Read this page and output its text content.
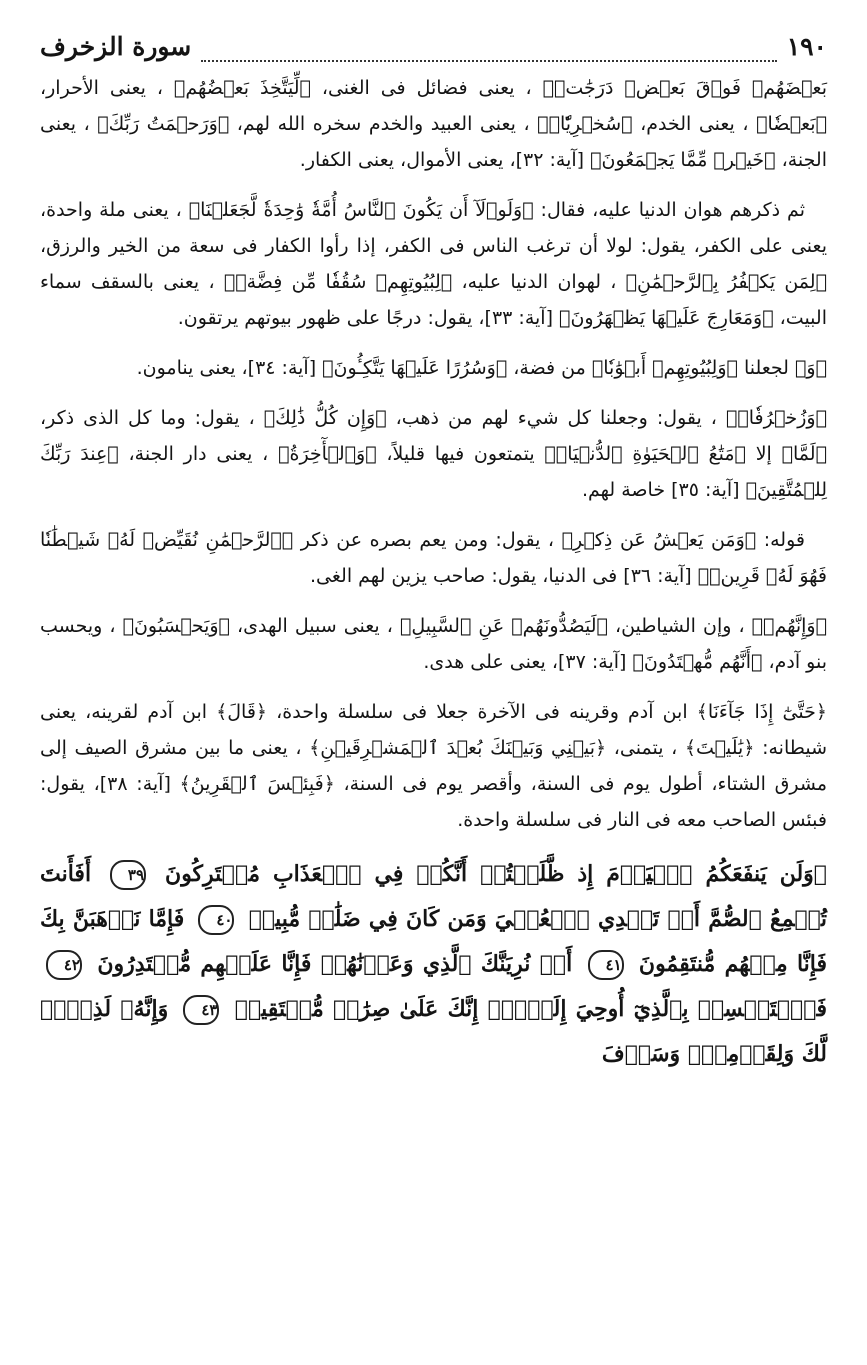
١٩٠
سورة الزخرف

بَعۡضَهُمۡ فَوۡقَ بَعۡضٖ دَرَجَٰتٖ﴾ ، يعنى فضائل فى الغنى، ﴿لِّيَتَّخِذَ بَعۡضُهُم﴾ ، يعنى الأحرار، ﴿بَعۡضٗا﴾ ، يعنى الخدم، ﴿سُخۡرِيّٗاۗ﴾ ، يعنى العبيد والخدم سخره الله لهم، ﴿وَرَحۡمَتُ رَبِّكَ﴾ ، يعنى الجنة، ﴿خَيۡرٞ مِّمَّا يَجۡمَعُونَ﴾ [آية: ٣٢]، يعنى الأموال، يعنى الكفار.

ثم ذكرهم هوان الدنيا عليه، فقال: ﴿وَلَوۡلَآ أَن يَكُونَ ٱلنَّاسُ أُمَّةٗ وَٰحِدَةٗ لَّجَعَلۡنَا﴾ ، يعنى ملة واحدة، يعنى على الكفر، يقول: لولا أن ترغب الناس فى الكفر، إذا رأوا الكفار فى سعة من الخير والرزق، ﴿لِمَن يَكۡفُرُ بِٱلرَّحۡمَٰنِ﴾ ، لهوان الدنيا عليه، ﴿لِبُيُوتِهِمۡ سُقُفٗا مِّن فِضَّةٖ﴾ ، يعنى بالسقف سماء البيت، ﴿وَمَعَارِجَ عَلَيۡهَا يَظۡهَرُونَ﴾ [آية: ٣٣]، يقول: درجًا على ظهور بيوتهم يرتقون.

﴿وَ﴾ لجعلنا ﴿وَلِبُيُوتِهِمۡ أَبۡوَٰبٗا﴾ من فضة، ﴿وَسُرُرًا عَلَيۡهَا يَتَّكِـُٔونَ﴾ [آية: ٣٤]، يعنى ينامون.

﴿وَزُخۡرُفٗاۚ﴾ ، يقول: وجعلنا كل شيء لهم من ذهب، ﴿وَإِن كُلُّ ذَٰلِكَ﴾ ، يقول: وما كل الذى ذكر، ﴿لَمَّا﴾ إلا ﴿مَتَٰعُ ٱلۡحَيَوٰةِ ٱلدُّنۡيَاۚ﴾ يتمتعون فيها قليلاً، ﴿وَٱلۡأٓخِرَةُ﴾ ، يعنى دار الجنة، ﴿عِندَ رَبِّكَ لِلۡمُتَّقِينَ﴾ [آية: ٣٥] خاصة لهم.

قوله: ﴿وَمَن يَعۡشُ عَن ذِكۡرِ﴾ ، يقول: ومن يعم بصره عن ذكر ﴿ٱلرَّحۡمَٰنِ نُقَيِّضۡ لَهُۥ شَيۡطَٰنٗا فَهُوَ لَهُۥ قَرِينٞ﴾ [آية: ٣٦] فى الدنيا، يقول: صاحب يزين لهم الغى.

﴿وَإِنَّهُمۡ﴾ ، وإن الشياطين، ﴿لَيَصُدُّونَهُمۡ عَنِ ٱلسَّبِيلِ﴾ ، يعنى سبيل الهدى، ﴿وَيَحۡسَبُونَ﴾ ، ويحسب بنو آدم، ﴿أَنَّهُم مُّهۡتَدُونَ﴾ [آية: ٣٧]، يعنى على هدى.

﴿حَتَّىٰٓ إِذَا جَآءَنَا﴾ ابن آدم وقرينه فى الآخرة جعلا فى سلسلة واحدة، ﴿قَالَ﴾ ابن آدم لقرينه، يعنى شيطانه: ﴿يَٰلَيۡتَ﴾ ، يتمنى، ﴿بَيۡنِي وَبَيۡنَكَ بُعۡدَ ٱلۡمَشۡرِقَيۡنِ﴾ ، يعنى ما بين مشرق الصيف إلى مشرق الشتاء، أطول يوم فى السنة، وأقصر يوم فى السنة، ﴿فَبِئۡسَ ٱلۡقَرِينُ﴾ [آية: ٣٨]، يقول: فبئس الصاحب معه فى النار فى سلسلة واحدة.

﴿وَلَن يَنفَعَكُمُ ٱلۡيَوۡمَ إِذ ظَّلَمۡتُمۡ أَنَّكُمۡ فِي ٱلۡعَذَابِ مُشۡتَرِكُونَ ٣٩ أَفَأَنتَ تُسۡمِعُ ٱلصُّمَّ أَوۡ تَهۡدِي ٱلۡعُمۡيَ وَمَن كَانَ فِي ضَلَٰلٖ مُّبِينٖ ٤٠ فَإِمَّا نَذۡهَبَنَّ بِكَ فَإِنَّا مِنۡهُم مُّنتَقِمُونَ ٤١ أَوۡ نُرِيَنَّكَ ٱلَّذِي وَعَدۡنَٰهُمۡ فَإِنَّا عَلَيۡهِم مُّقۡتَدِرُونَ ٤٢ فَٱسۡتَمۡسِكۡ بِٱلَّذِيٓ أُوحِيَ إِلَيۡكَۖ إِنَّكَ عَلَىٰ صِرَٰطٖ مُّسۡتَقِيمٖ ٤٣ وَإِنَّهُۥ لَذِكۡرٞ لَّكَ وَلِقَوۡمِكَۖ وَسَوۡفَ
